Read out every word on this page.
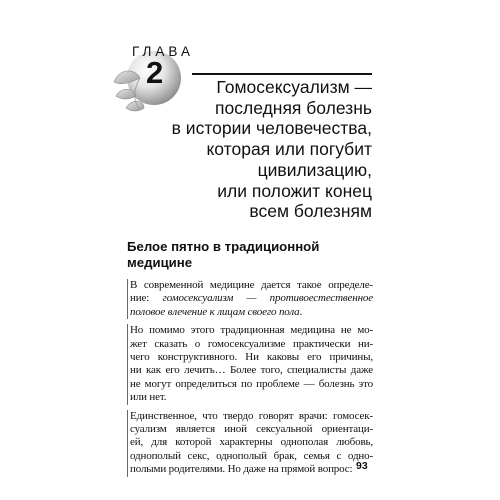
ГЛАВА
2	Гомосексуализм —
последняя болезнь
в истории человечества,
которая или погубит
цивилизацию,
или положит конец
всем болезням
Белое пятно в традиционной
медицине
В современной медицине дается такое определе-
ние: гомосексуализм — противоестественное
половое влечение к лицам своего пола.
Но помимо этого традиционная медицина не мо-
жет сказать о гомосексуализме практически ни-
чего конструктивного. Ни каковы его причины,
ни как его лечить… Более того, специалисты даже
не могут определиться по проблеме — болезнь это
или нет.
Единственное, что твердо говорят врачи: гомосек-
суализм является иной сексуальной ориентаци-
ей, для которой характерны однополая любовь,
однополый секс, однополый брак, семья с одно-
полыми родителями. Но даже на прямой вопрос: 93
